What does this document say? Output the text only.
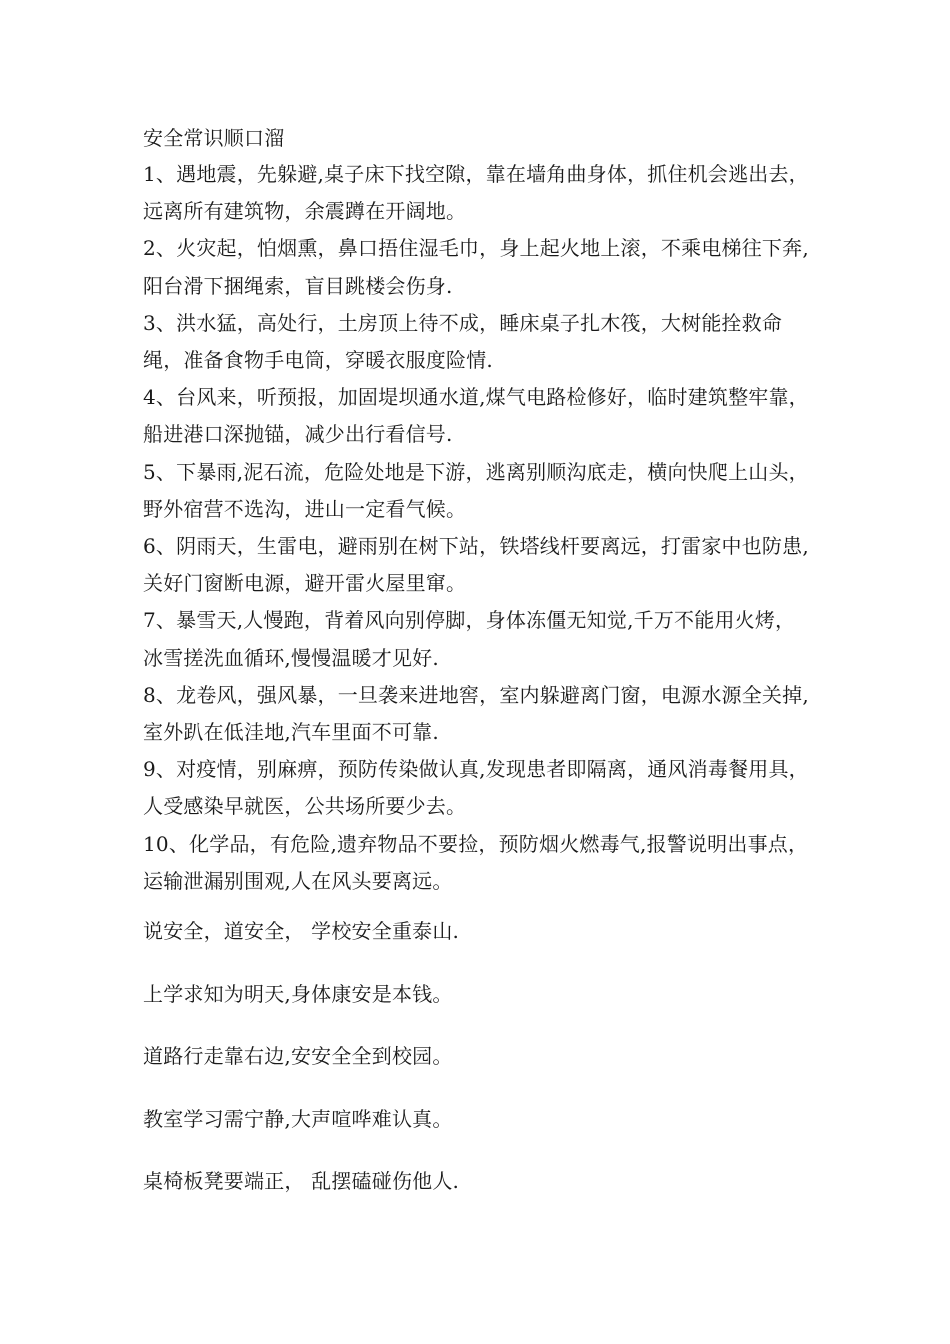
安全常识顺口溜

1、遇地震，先躲避,桌子床下找空隙，靠在墙角曲身体，抓住机会逃出去，远离所有建筑物，余震蹲在开阔地。

2、火灾起，怕烟熏，鼻口捂住湿毛巾，身上起火地上滚，不乘电梯往下奔,阳台滑下捆绳索，盲目跳楼会伤身.

3、洪水猛，高处行，土房顶上待不成，睡床桌子扎木筏，大树能拴救命绳，准备食物手电筒，穿暖衣服度险情.

4、台风来，听预报，加固堤坝通水道,煤气电路检修好，临时建筑整牢靠，船进港口深抛锚，减少出行看信号.

5、下暴雨,泥石流，危险处地是下游，逃离别顺沟底走，横向快爬上山头，野外宿营不选沟，进山一定看气候。

6、阴雨天，生雷电，避雨别在树下站，铁塔线杆要离远，打雷家中也防患,关好门窗断电源，避开雷火屋里窜。

7、暴雪天,人慢跑，背着风向别停脚，身体冻僵无知觉,千万不能用火烤，冰雪搓洗血循环,慢慢温暖才见好.

8、龙卷风，强风暴，一旦袭来进地窖，室内躲避离门窗，电源水源全关掉,室外趴在低洼地,汽车里面不可靠.

9、对疫情，别麻痹，预防传染做认真,发现患者即隔离，通风消毒餐用具，人受感染早就医，公共场所要少去。

10、化学品，有危险,遗弃物品不要捡，预防烟火燃毒气,报警说明出事点，运输泄漏别围观,人在风头要离远。

说安全，道安全， 学校安全重泰山.

上学求知为明天,身体康安是本钱。

道路行走靠右边,安安全全到校园。

教室学习需宁静,大声喧哗难认真。

桌椅板凳要端正， 乱摆磕碰伤他人.
